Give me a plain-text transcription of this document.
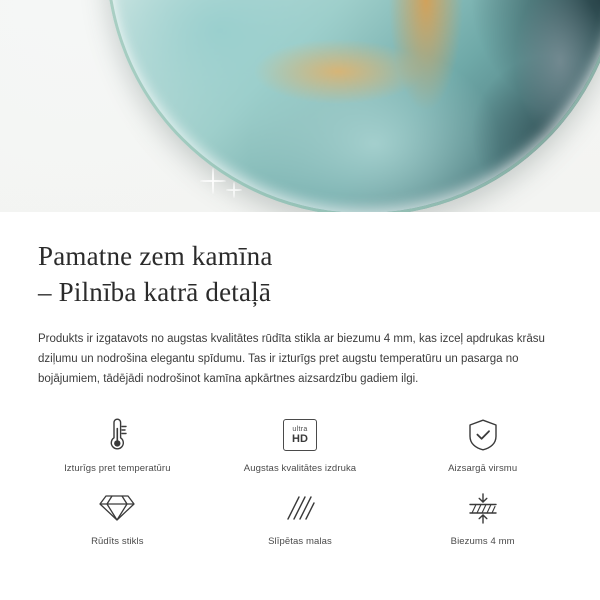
Pamatne zem kamīna
– Pilnība katrā detaļā

Produkts ir izgatavots no augstas kvalitātes rūdīta stikla ar biezumu 4 mm, kas izceļ apdrukas krāsu dziļumu un nodrošina elegantu spīdumu. Tas ir izturīgs pret augstu temperatūru un pasarga no bojājumiem, tādējādi nodrošinot kamīna apkārtnes aizsardzību gadiem ilgi.

Izturīgs pret temperatūru
ultra
HD
Augstas kvalitātes izdruka	Aizsargā virsmu
Rūdīts stikls	Slīpētas malas	Biezums 4 mm
